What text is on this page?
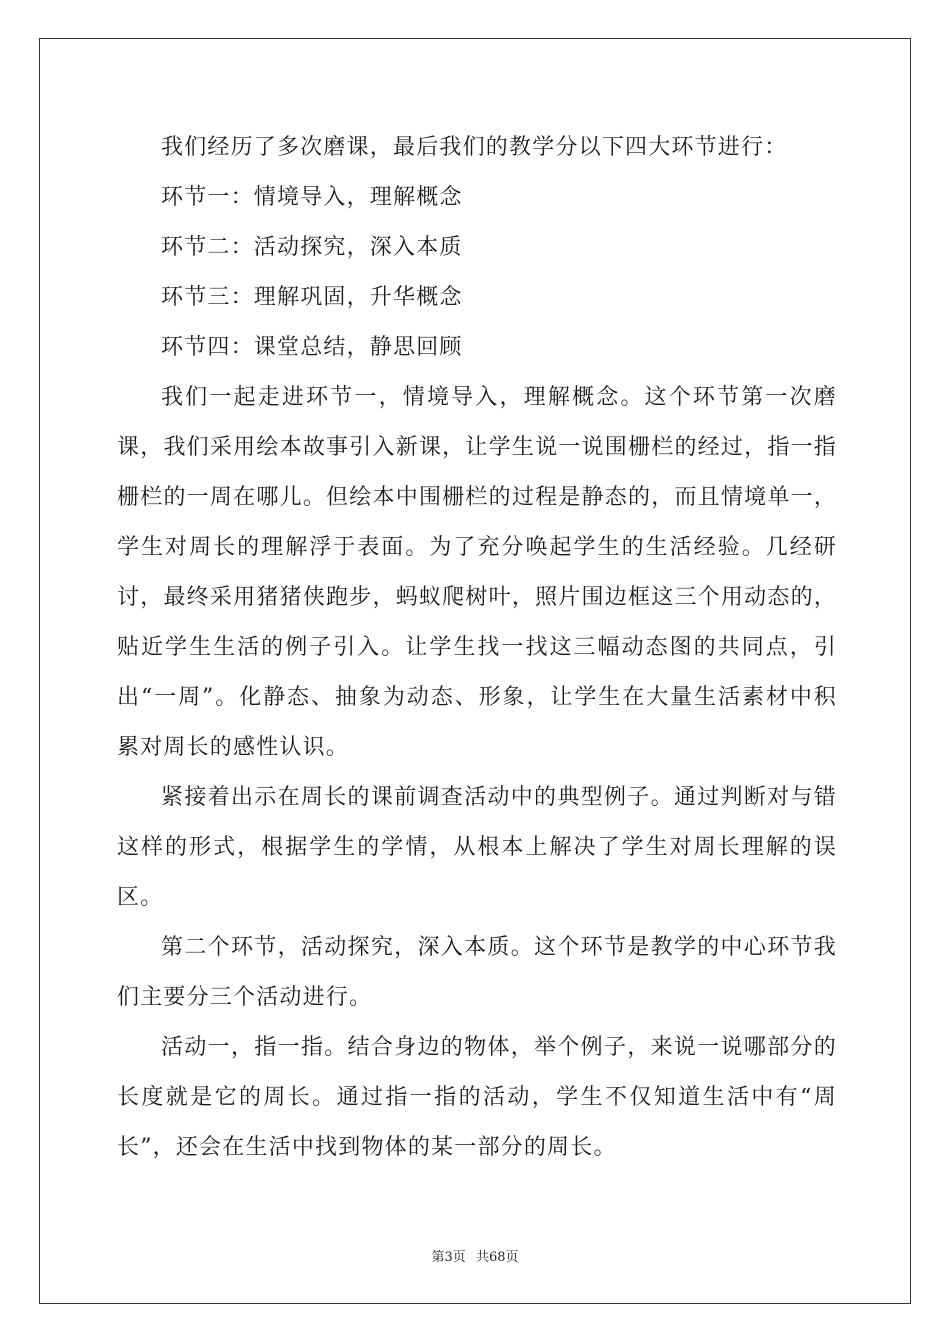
我们经历了多次磨课，最后我们的教学分以下四大环节进行：

环节一：情境导入，理解概念

环节二：活动探究，深入本质

环节三：理解巩固，升华概念

环节四：课堂总结，静思回顾

我们一起走进环节一，情境导入，理解概念。这个环节第一次磨课，我们采用绘本故事引入新课，让学生说一说围栅栏的经过，指一指栅栏的一周在哪儿。但绘本中围栅栏的过程是静态的，而且情境单一，学生对周长的理解浮于表面。为了充分唤起学生的生活经验。几经研讨，最终采用猪猪侠跑步，蚂蚁爬树叶，照片围边框这三个用动态的，贴近学生生活的例子引入。让学生找一找这三幅动态图的共同点，引出“一周”。化静态、抽象为动态、形象，让学生在大量生活素材中积累对周长的感性认识。

紧接着出示在周长的课前调查活动中的典型例子。通过判断对与错这样的形式，根据学生的学情，从根本上解决了学生对周长理解的误区。

第二个环节，活动探究，深入本质。这个环节是教学的中心环节我们主要分三个活动进行。

活动一，指一指。结合身边的物体，举个例子，来说一说哪部分的长度就是它的周长。通过指一指的活动，学生不仅知道生活中有“周长”，还会在生活中找到物体的某一部分的周长。

第3页 共68页
